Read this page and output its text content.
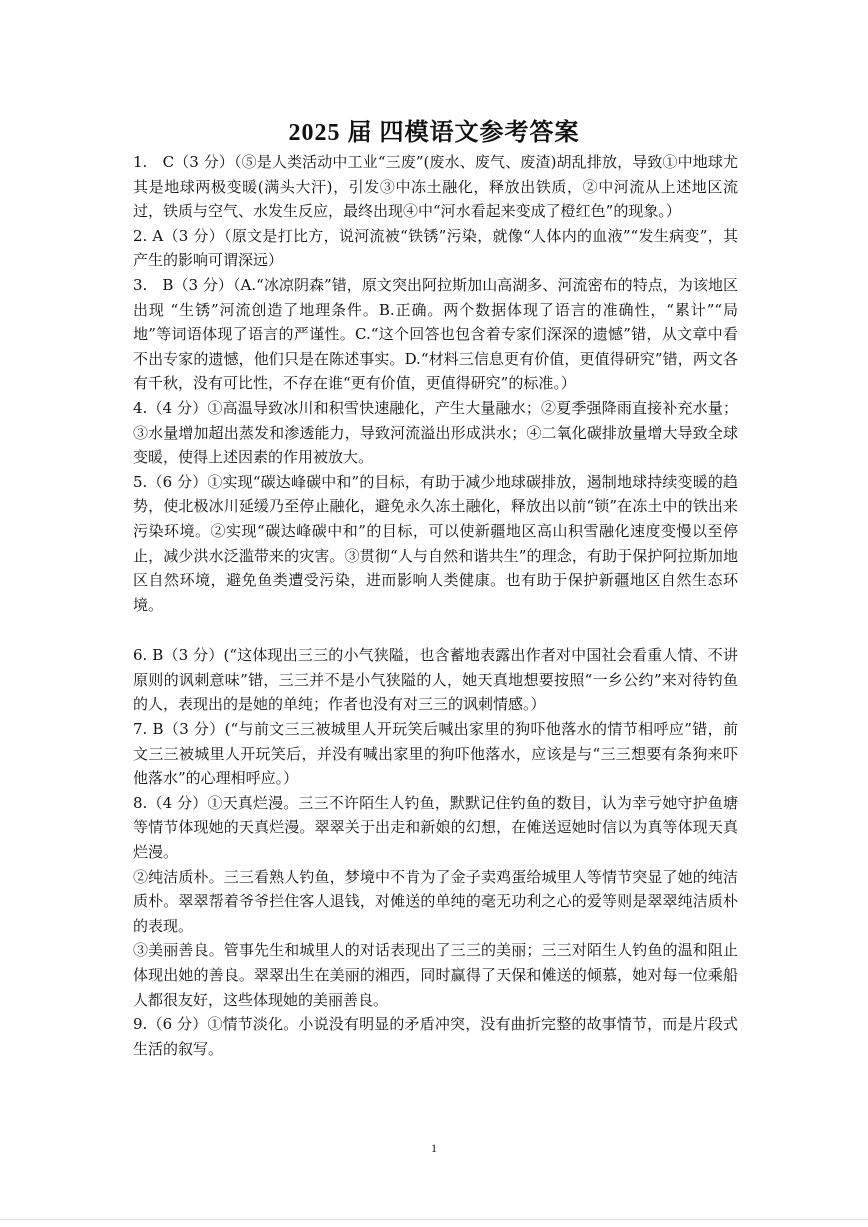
2025 届 四模语文参考答案

1.　C（3 分）（⑤是人类活动中工业“三废”(废水、废气、废渣)胡乱排放，导致①中地球尤其是地球两极变暖(满头大汗)，引发③中冻土融化，释放出铁质，②中河流从上述地区流过，铁质与空气、水发生反应，最终出现④中“河水看起来变成了橙红色”的现象。）

2. A（3 分）（原文是打比方，说河流被“铁锈”污染，就像“人体内的血液”“发生病变”，其产生的影响可谓深远）

3.　B（3 分）（A.“冰凉阴森”错，原文突出阿拉斯加山高湖多、河流密布的特点，为该地区出现 “生锈”河流创造了地理条件。B.正确。两个数据体现了语言的准确性，“累计”“局地”等词语体现了语言的严谨性。C.“这个回答也包含着专家们深深的遗憾”错，从文章中看不出专家的遗憾，他们只是在陈述事实。D.“材料三信息更有价值，更值得研究”错，两文各有千秋，没有可比性，不存在谁“更有价值，更值得研究”的标准。）

4.（4 分）①高温导致冰川和积雪快速融化，产生大量融水；②夏季强降雨直接补充水量；③水量增加超出蒸发和渗透能力，导致河流溢出形成洪水；④二氧化碳排放量增大导致全球变暖，使得上述因素的作用被放大。

5.（6 分）①实现“碳达峰碳中和”的目标，有助于减少地球碳排放，遏制地球持续变暖的趋势，使北极冰川延缓乃至停止融化，避免永久冻土融化，释放出以前“锁”在冻土中的铁出来污染环境。②实现“碳达峰碳中和”的目标，可以使新疆地区高山积雪融化速度变慢以至停止，减少洪水泛滥带来的灾害。③贯彻“人与自然和谐共生”的理念，有助于保护阿拉斯加地区自然环境，避免鱼类遭受污染，进而影响人类健康。也有助于保护新疆地区自然生态环境。

6. B（3 分）(“这体现出三三的小气狭隘，也含蓄地表露出作者对中国社会看重人情、不讲原则的讽刺意味”错，三三并不是小气狭隘的人，她天真地想要按照“一乡公约”来对待钓鱼的人，表现出的是她的单纯；作者也没有对三三的讽刺情感。）

7. B（3 分）(“与前文三三被城里人开玩笑后喊出家里的狗吓他落水的情节相呼应”错，前文三三被城里人开玩笑后，并没有喊出家里的狗吓他落水，应该是与“三三想要有条狗来吓他落水”的心理相呼应。）

8.（4 分）①天真烂漫。三三不许陌生人钓鱼，默默记住钓鱼的数目，认为幸亏她守护鱼塘等情节体现她的天真烂漫。翠翠关于出走和新娘的幻想，在傩送逗她时信以为真等体现天真烂漫。

②纯洁质朴。三三看熟人钓鱼，梦境中不肯为了金子卖鸡蛋给城里人等情节突显了她的纯洁质朴。翠翠帮着爷爷拦住客人退钱，对傩送的单纯的毫无功利之心的爱等则是翠翠纯洁质朴的表现。

③美丽善良。管事先生和城里人的对话表现出了三三的美丽；三三对陌生人钓鱼的温和阻止体现出她的善良。翠翠出生在美丽的湘西，同时赢得了天保和傩送的倾慕，她对每一位乘船人都很友好，这些体现她的美丽善良。

9.（6 分）①情节淡化。小说没有明显的矛盾冲突，没有曲折完整的故事情节，而是片段式生活的叙写。

1
